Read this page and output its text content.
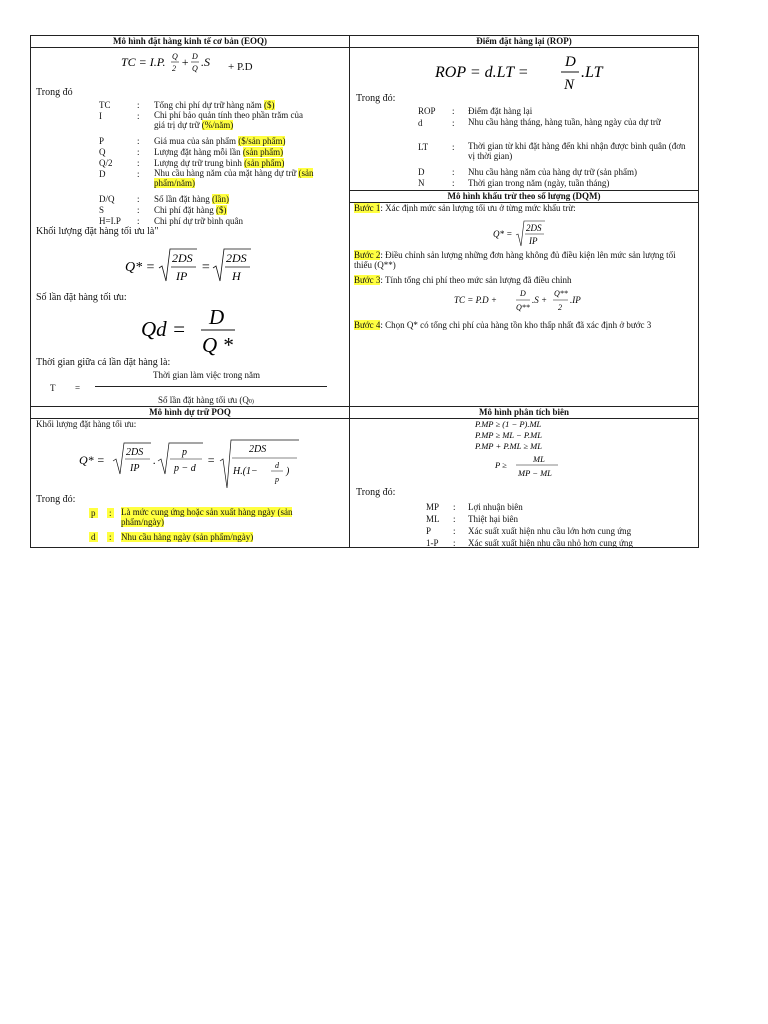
Mô hình đặt hàng kinh tế cơ bản (EOQ)
TC = I.P. Q
2 + D
Q .S + P.D
Trong đó
TC	: Tổng chi phí dự trữ hàng năm ($)
I	: Chi phí bảo quản tính theo phần trăm của giá trị dự trữ (%/năm)
P	: Giá mua của sản phẩm ($/sản phẩm)
Q	: Lượng đặt hàng mỗi lần (sản phẩm)
Q/2	: Lượng dự trữ trung bình (sản phẩm)
D	: Nhu cầu hàng năm của mặt hàng dự trữ (sản phẩm/năm)
D/Q	: Số lần đặt hàng (lần)
S	: Chi phí đặt hàng ($)
H=I.P : Chi phí dự trữ bình quân
Khối lượng đặt hàng tối ưu là"
Q* =
2DS
IP
=
2DS
H
Số lần đặt hàng tối ưu:
Qd = D
Q *
Thời gian giữa cá lần đặt hàng là:
T =
Thời gian làm việc trong năm
Số lần đặt hàng tối ưu (Q0)
Điểm đặt hàng lại (ROP)
ROP = d.LT =
D
N
.LT
Trong đó:
ROP : Điểm đặt hàng lại
d	: Nhu cầu hàng tháng, hàng tuần, hàng ngày của dự trữ
LT	: Thời gian từ khi đặt hàng đến khi nhận được bình quân (đơn vị thời gian)
D	: Nhu cầu hàng năm của hàng dự trữ (sản phẩm)
N	: Thời gian trong năm (ngày, tuần tháng)
Mô hình khấu trừ theo số lượng (DQM)
Bước 1: Xác định mức sản lượng tối ưu ở từng mức khấu trừ:
Q* =
2DS
IP
Bước 2: Điều chỉnh sản lượng những đơn hàng không đủ điều kiện lên mức sản lượng tối thiểu (Q**)
Bước 3: Tính tổng chi phí theo mức sản lượng đã điều chỉnh
TC = P.D +
D
Q**
.S +
Q**
2
.IP
Bước 4: Chọn Q* có tổng chi phí của hàng tồn kho thấp nhất đã xác định ở bước 3
Mô hình dự trữ POQ
Khối lượng đặt hàng tối ưu:
Q* =
2DS
IP
.
p
p − d
=
2DS
H.(1−
d
p
)
Trong đó:
p : Là mức cung ứng hoặc sản xuất hàng ngày (sản phẩm/ngày)
d : Nhu cầu hàng ngày (sản phẩm/ngày)
Mô hình phân tích biên
P.MP ≥ (1 − P).ML
P.MP ≥ ML − P.ML
P.MP + P.ML ≥ ML
P ≥
ML
MP − ML
Trong đó:
MP : Lợi nhuận biên
ML : Thiệt hại biên
P : Xác suất xuất hiện nhu cầu lớn hơn cung ứng
1-P : Xác suất xuất hiện nhu cầu nhỏ hơn cung ứng
